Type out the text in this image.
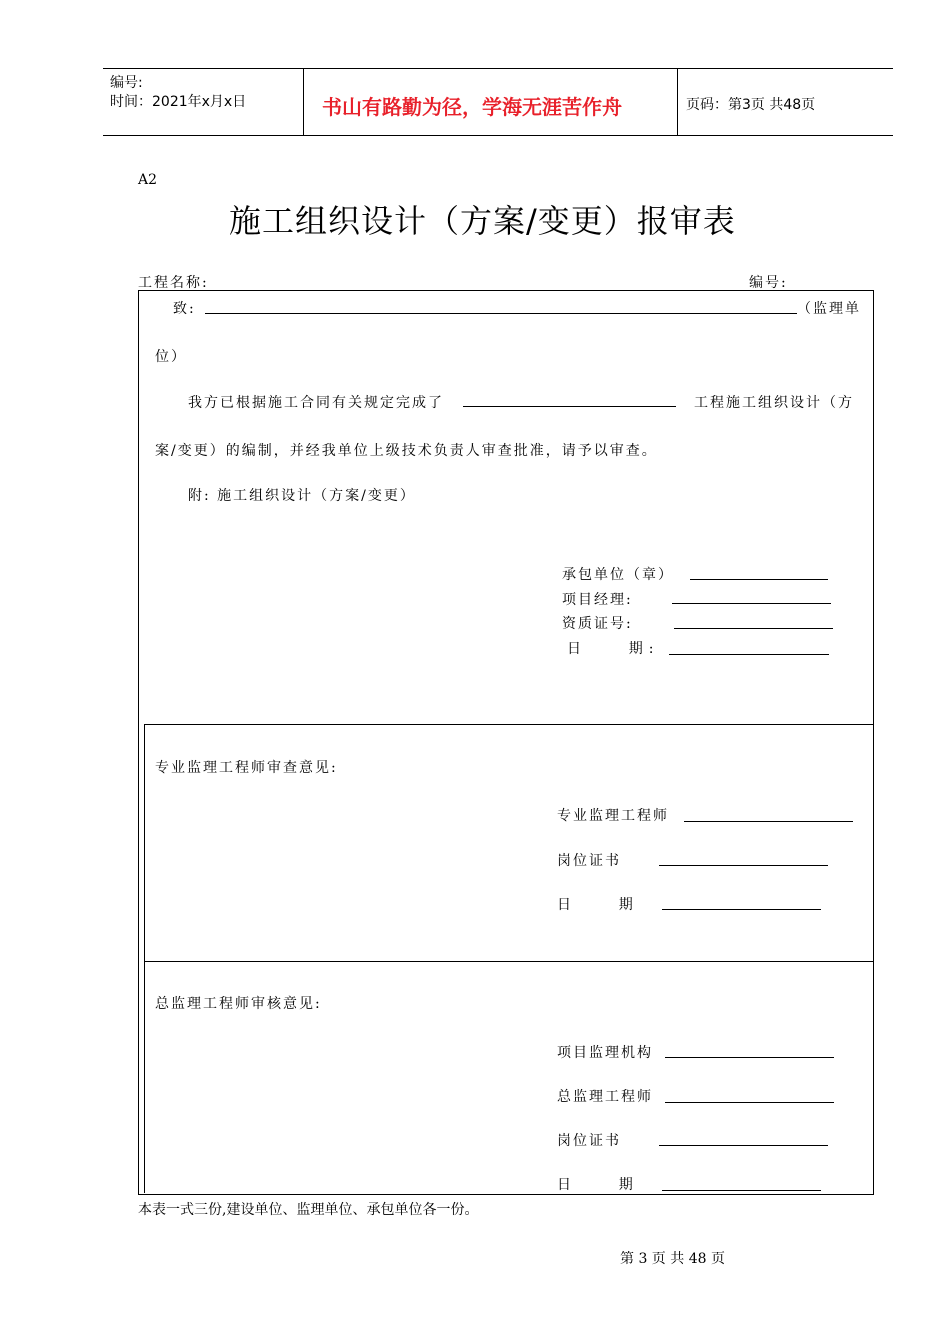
编号:
时间：2021年x月x日	书山有路勤为径，学海无涯苦作舟	页码：第3页 共48页
A2
施工组织设计（方案/变更）报审表
工程名称:	编号:
致:	（监理单
位）
我方已根据施工合同有关规定完成了	工程施工组织设计（方
案/变更）的编制，并经我单位上级技术负责人审查批准，请予以审查。
附: 施工组织设计（方案/变更）
承包单位（章）
项目经理:
资质证号:
日    期:
专业监理工程师审查意见:
专业监理工程师
岗位证书
日    期
总监理工程师审核意见:
项目监理机构
总监理工程师
岗位证书
日    期
本表一式三份,建设单位、监理单位、承包单位各一份。
第 3 页 共 48 页
